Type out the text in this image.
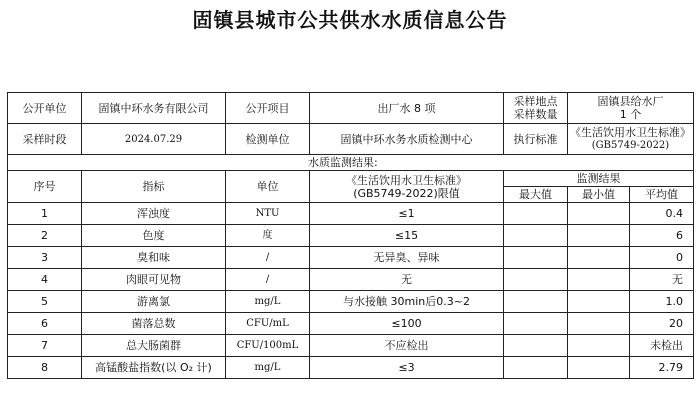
固镇县城市公共供水水质信息公告
公开单位	固镇中环水务有限公司	公开项目	出厂水 8 项	采样地点
采样数量	固镇县给水厂
1 个	

采样时段	2024.07.29	检测单位	固镇中环水务水质检测中心	执行标准	《生活饮用水卫生标准》
(GB5749-2022)	

水质监测结果:						
序号	指标	单位	《生活饮用水卫生标准》
(GB5749-2022)限值	监测结果		
				最大值	最小值	平均值
1	浑浊度	NTU	≤1			0.4
2	色度	度	≤15			6
3	臭和味	/	无异臭、异味			0
4	肉眼可见物	/	无			无
5	游离氯	mg/L	与水接触 30min后0.3~2			1.0
6	菌落总数	CFU/mL	≤100			20
7	总大肠菌群	CFU/100mL	不应检出			未检出
8	高锰酸盐指数(以 O₂ 计)	mg/L	≤3			2.79
